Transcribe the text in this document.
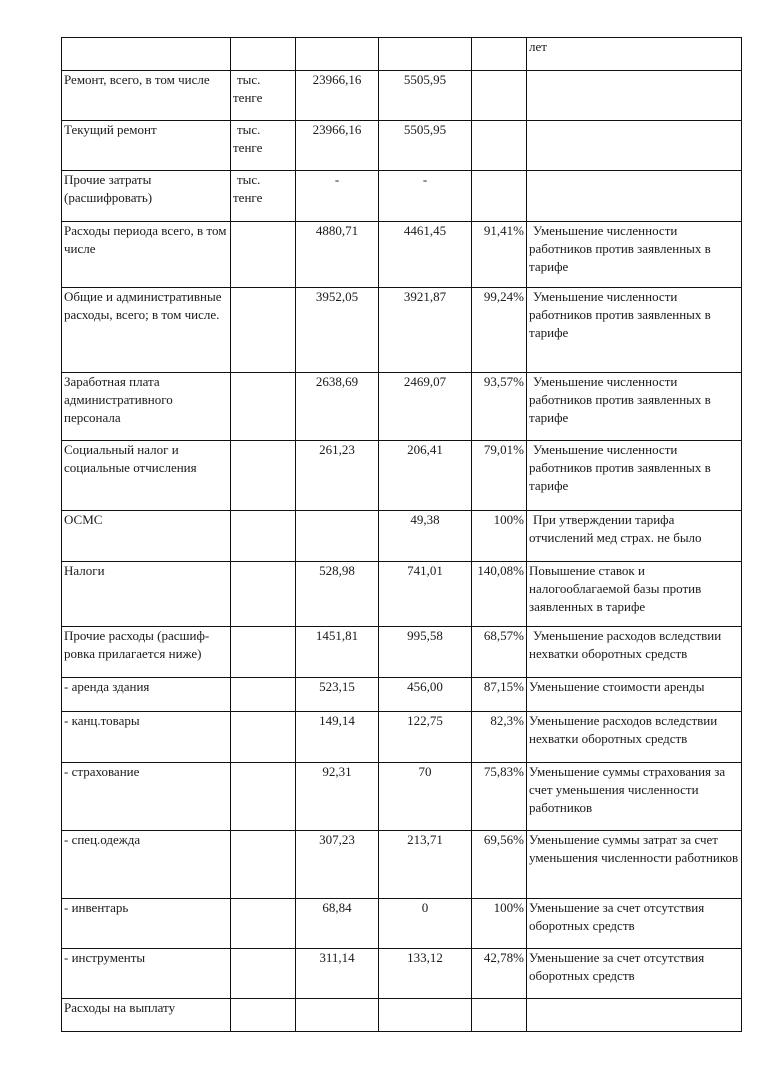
					лет
Ремонт, всего, в том числе	тыс. тенге	23966,16	5505,95		
Текущий ремонт	тыс. тенге	23966,16	5505,95		
Прочие затраты (расшифровать)	тыс. тенге	-	-		
Расходы периода всего, в том числе		4880,71	4461,45	91,41%	Уменьшение численности работников против заявленных в тарифе
Общие и административные расходы, всего; в том числе.		3952,05	3921,87	99,24%	Уменьшение численности работников против заявленных в тарифе
Заработная плата административного персонала		2638,69	2469,07	93,57%	Уменьшение численности работников против заявленных в тарифе
Социальный налог и социальные отчисления		261,23	206,41	79,01%	Уменьшение численности работников против заявленных в тарифе
ОСМС			49,38	100%	При утверждении тарифа отчислений мед страх. не было
Налоги		528,98	741,01	140,08%	Повышение ставок и налогооблагаемой базы против заявленных в тарифе
Прочие расходы (расшиф-ровка прилагается ниже)		1451,81	995,58	68,57%	Уменьшение расходов вследствии нехватки оборотных средств
- аренда здания		523,15	456,00	87,15%	Уменьшение стоимости аренды
- канц.товары		149,14	122,75	82,3%	Уменьшение расходов вследствии нехватки оборотных средств
- страхование		92,31	70	75,83%	Уменьшение суммы страхования за счет уменьшения численности работников
- спец.одежда		307,23	213,71	69,56%	Уменьшение суммы затрат за счет уменьшения численности работников
- инвентарь		68,84	0	100%	Уменьшение за счет отсутствия оборотных средств
- инструменты		311,14	133,12	42,78%	Уменьшение за счет отсутствия оборотных средств
Расходы на выплату					
